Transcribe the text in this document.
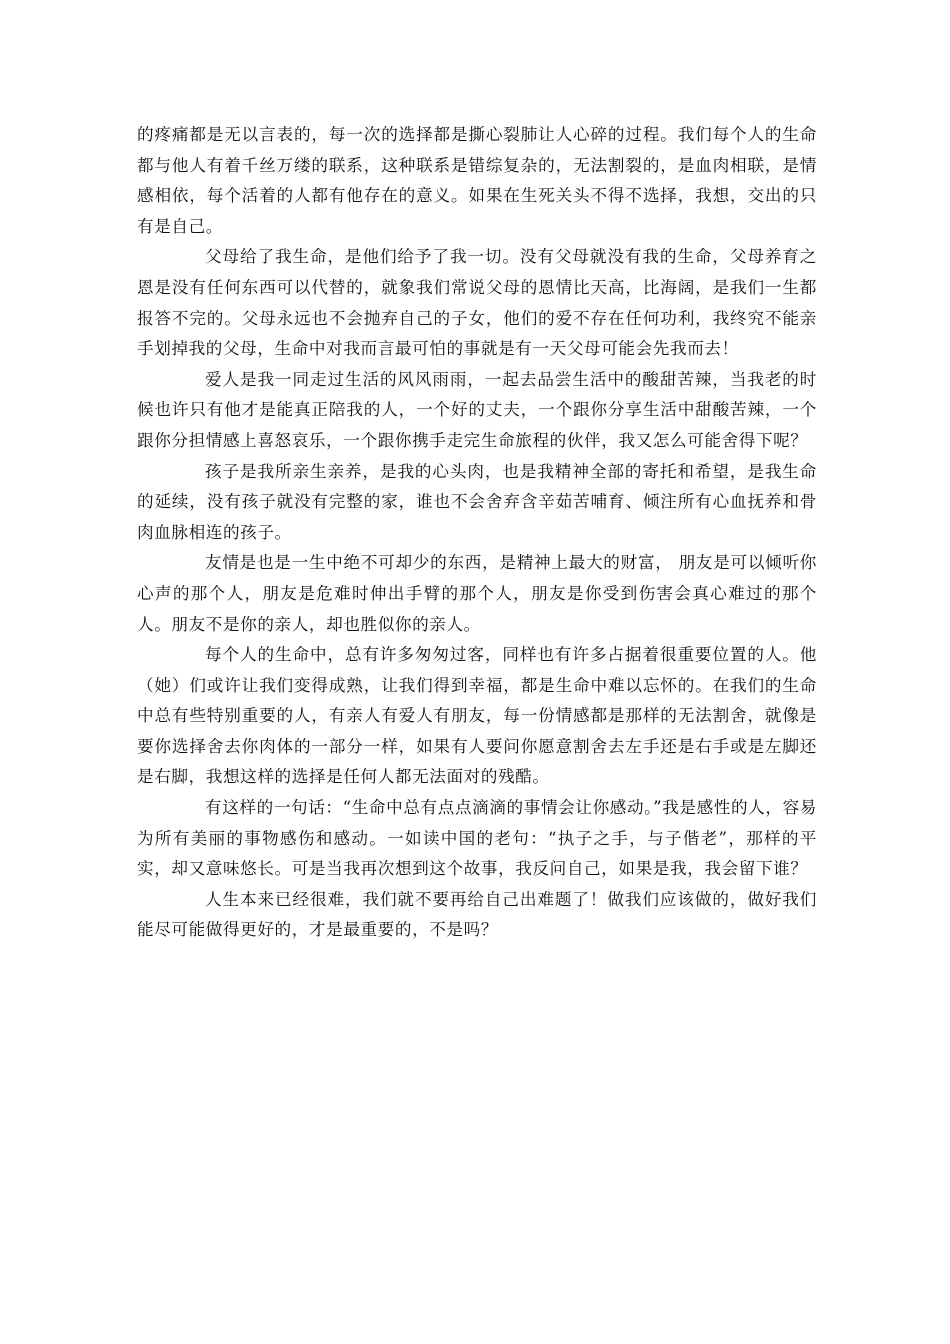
的疼痛都是无以言表的，每一次的选择都是撕心裂肺让人心碎的过程。我们每个人的生命都与他人有着千丝万缕的联系，这种联系是错综复杂的，无法割裂的，是血肉相联，是情感相依，每个活着的人都有他存在的意义。如果在生死关头不得不选择，我想，交出的只有是自己。

父母给了我生命，是他们给予了我一切。没有父母就没有我的生命，父母养育之恩是没有任何东西可以代替的，就象我们常说父母的恩情比天高，比海阔，是我们一生都报答不完的。父母永远也不会抛弃自己的子女，他们的爱不存在任何功利，我终究不能亲手划掉我的父母，生命中对我而言最可怕的事就是有一天父母可能会先我而去！

爱人是我一同走过生活的风风雨雨，一起去品尝生活中的酸甜苦辣，当我老的时候也许只有他才是能真正陪我的人，一个好的丈夫，一个跟你分享生活中甜酸苦辣，一个跟你分担情感上喜怒哀乐，一个跟你携手走完生命旅程的伙伴，我又怎么可能舍得下呢？

孩子是我所亲生亲养，是我的心头肉，也是我精神全部的寄托和希望，是我生命的延续，没有孩子就没有完整的家，谁也不会舍弃含辛茹苦哺育、倾注所有心血抚养和骨肉血脉相连的孩子。

友情是也是一生中绝不可却少的东西，是精神上最大的财富， 朋友是可以倾听你心声的那个人，朋友是危难时伸出手臂的那个人，朋友是你受到伤害会真心难过的那个人。朋友不是你的亲人，却也胜似你的亲人。

每个人的生命中，总有许多匆匆过客，同样也有许多占据着很重要位置的人。他（她）们或许让我们变得成熟，让我们得到幸福，都是生命中难以忘怀的。在我们的生命中总有些特别重要的人，有亲人有爱人有朋友，每一份情感都是那样的无法割舍，就像是要你选择舍去你肉体的一部分一样，如果有人要问你愿意割舍去左手还是右手或是左脚还是右脚，我想这样的选择是任何人都无法面对的残酷。

有这样的一句话：“生命中总有点点滴滴的事情会让你感动。”我是感性的人，容易为所有美丽的事物感伤和感动。一如读中国的老句：“执子之手，与子偕老”，那样的平实，却又意味悠长。可是当我再次想到这个故事，我反问自己，如果是我，我会留下谁？

人生本来已经很难，我们就不要再给自己出难题了！做我们应该做的，做好我们能尽可能做得更好的，才是最重要的，不是吗？
